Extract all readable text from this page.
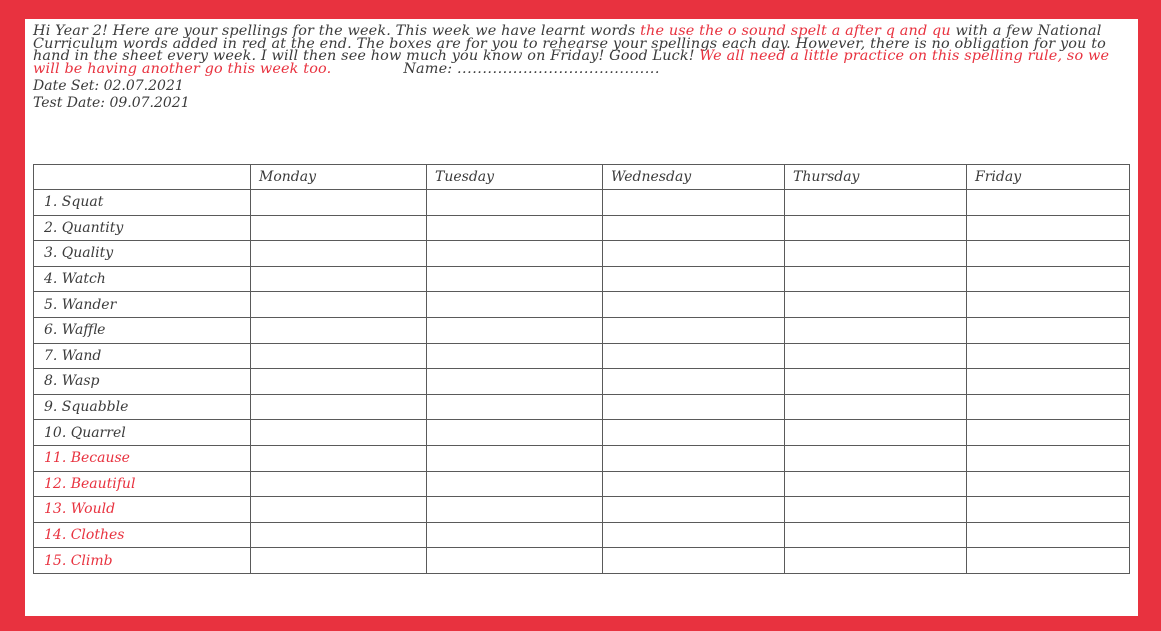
Hi Year 2! Here are your spellings for the week. This week we have learnt words the use the o sound spelt a after q and qu with a few National Curriculum words added in red at the end. The boxes are for you to rehearse your spellings each day. However, there is no obligation for you to hand in the sheet every week. I will then see how much you know on Friday! Good Luck! We all need a little practice on this spelling rule, so we will be having another go this week too.	Name: ........................................

Date Set: 02.07.2021
Test Date: 09.07.2021
	Monday	Tuesday	Wednesday	Thursday	Friday
1. Squat					
2. Quantity					
3. Quality					
4. Watch					
5. Wander					
6. Waffle					
7. Wand					
8. Wasp					
9. Squabble					
10. Quarrel					
11. Because					
12. Beautiful					
13. Would					
14. Clothes					
15. Climb					
